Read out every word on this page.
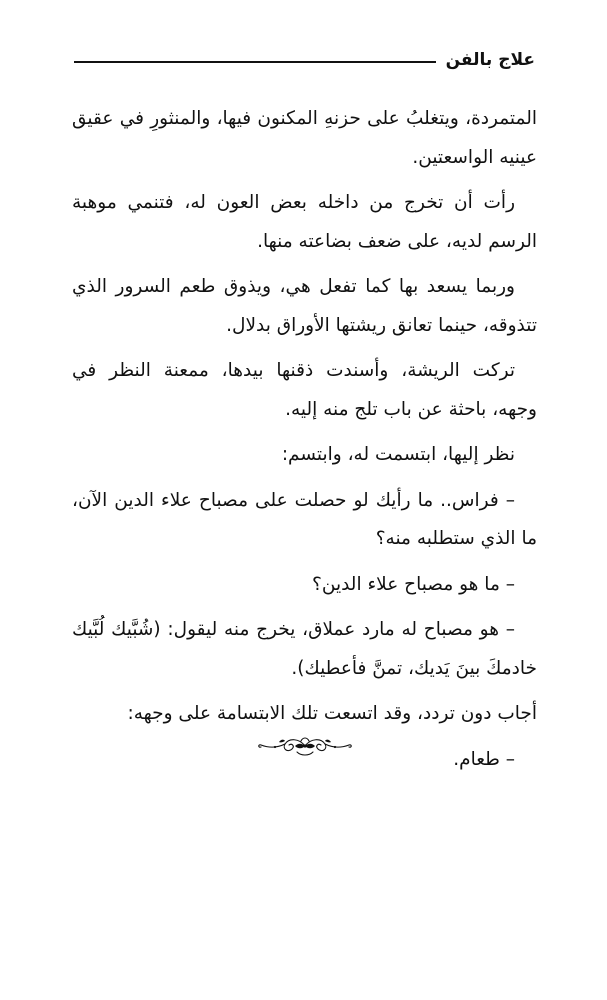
علاج بالفن

المتمردة، ويتغلبُ على حزنهِ المكنون فيها، والمنثورِ في عقيق عينيه الواسعتين.

رأت أن تخرج من داخله بعض العون له، فتنمي موهبة الرسم لديه، على ضعف بضاعته منها.

وربما يسعد بها كما تفعل هي، ويذوق طعم السرور الذي تتذوقه، حينما تعانق ريشتها الأوراق بدلال.

تركت الريشة، وأسندت ذقنها بيدها، ممعنة النظر في وجهه، باحثة عن باب تلج منه إليه.

نظر إليها، ابتسمت له، وابتسم:

– فراس.. ما رأيك لو حصلت على مصباح علاء الدين الآن، ما الذي ستطلبه منه؟

– ما هو مصباح علاء الدين؟

– هو مصباح له مارد عملاق، يخرج منه ليقول: (شُبَّيك لُبَّيك خادمكَ بينَ يَديك، تمنَّ فأعطيك).

أجاب دون تردد، وقد اتسعت تلك الابتسامة على وجهه:

– طعام.
